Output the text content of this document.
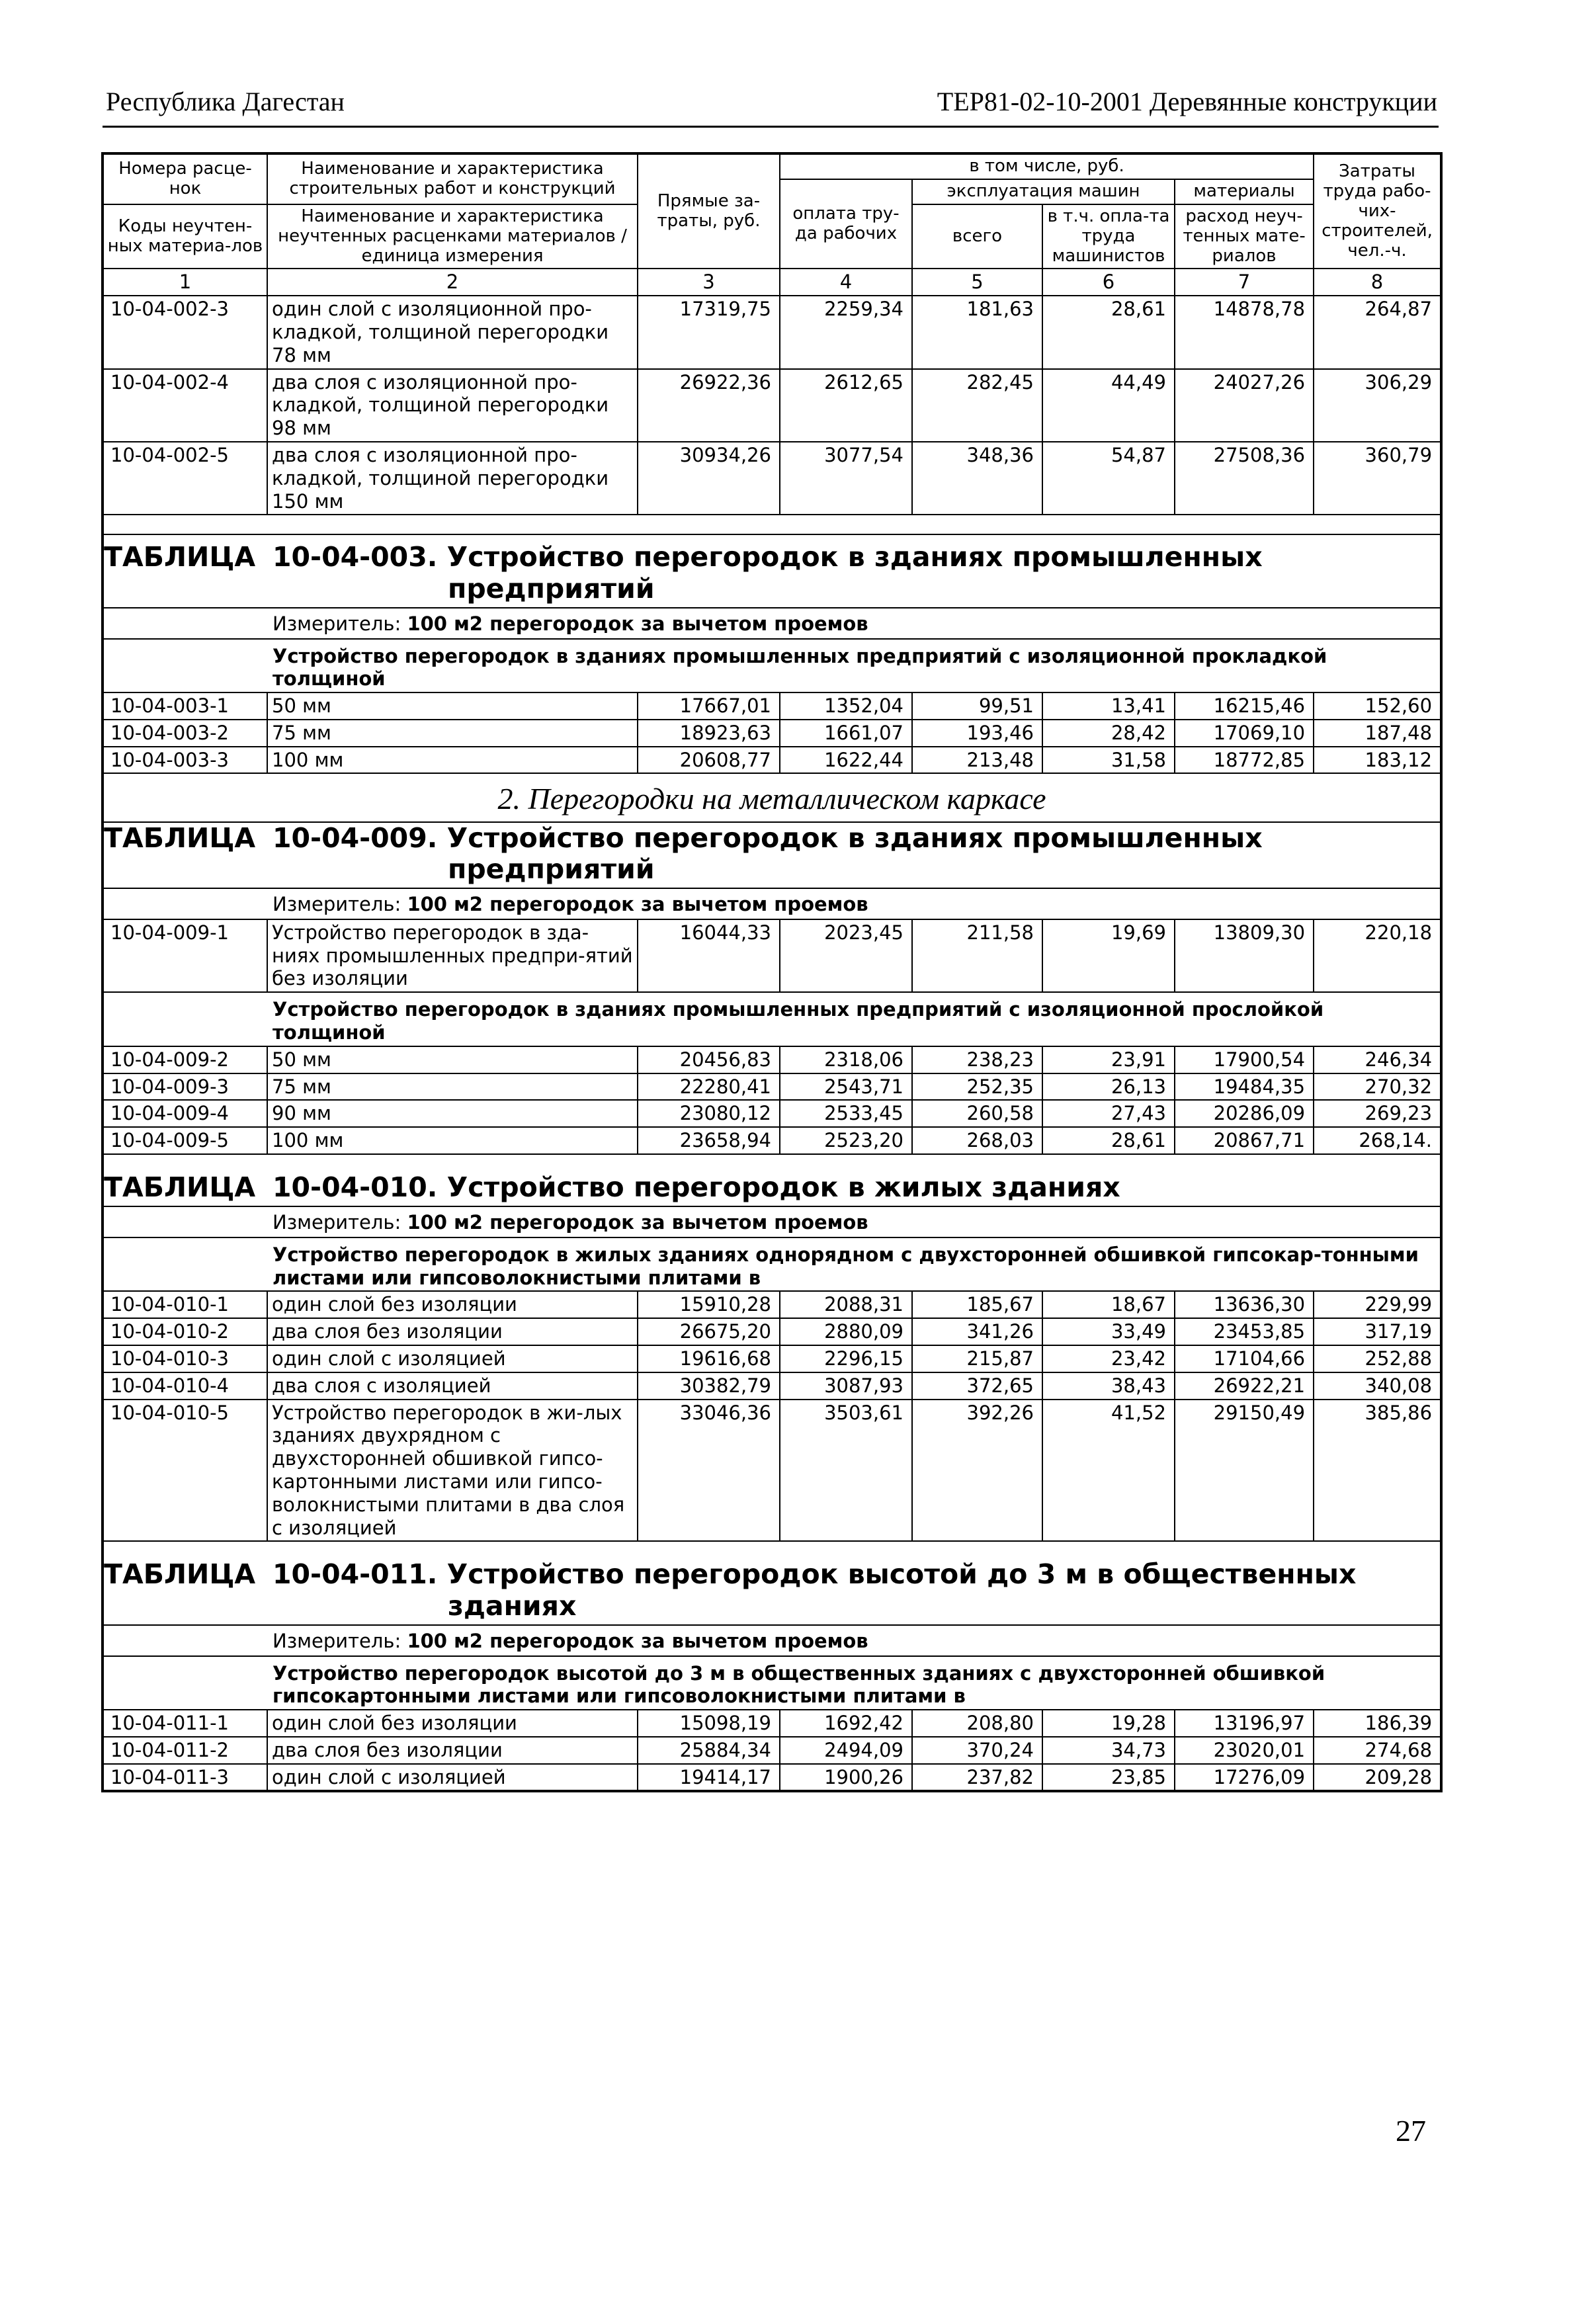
Республика Дагестан	ТЕР81-02-10-2001 Деревянные конструкции
Номера расце-нок	Наименование и характеристика строительных работ и конструкций	Прямые за-траты, руб.	в том числе, руб.				Затраты труда рабо-чих-строителей, чел.-ч.
			оплата тру-да рабочих	эксплуатация машин		материалы	
Коды неучтен-ных материа-лов	Наименование и характеристика неучтенных расценками материалов / единица измерения			всего	в т.ч. опла-та труда машинистов	расход неуч-тенных мате-риалов	

1	2	3	4	5	6	7	8
10-04-002-3	один слой с изоляционной про-кладкой, толщиной перегородки 78 мм	17319,75	2259,34	181,63	28,61	14878,78	264,87
10-04-002-4	два слоя с изоляционной про-кладкой, толщиной перегородки 98 мм	26922,36	2612,65	282,45	44,49	24027,26	306,29
10-04-002-5	два слоя с изоляционной про-кладкой, толщиной перегородки 150 мм	30934,26	3077,54	348,36	54,87	27508,36	360,79

ТАБЛИЦА 10-04-003. Устройство перегородок в зданиях промышленных
предприятий							

Измеритель: 100 м2 перегородок за вычетом проемов							
Устройство перегородок в зданиях промышленных предприятий с изоляционной прокладкой толщиной							
10-04-003-1	50 мм	17667,01	1352,04	99,51	13,41	16215,46	152,60
10-04-003-2	75 мм	18923,63	1661,07	193,46	28,42	17069,10	187,48
10-04-003-3	100 мм	20608,77	1622,44	213,48	31,58	18772,85	183,12
2. Перегородки на металлическом каркасе							
ТАБЛИЦА 10-04-009. Устройство перегородок в зданиях промышленных
предприятий							

Измеритель: 100 м2 перегородок за вычетом проемов							
10-04-009-1	Устройство перегородок в зда-ниях промышленных предпри-ятий без изоляции	16044,33	2023,45	211,58	19,69	13809,30	220,18
Устройство перегородок в зданиях промышленных предприятий с изоляционной прослойкой толщиной							
10-04-009-2	50 мм	20456,83	2318,06	238,23	23,91	17900,54	246,34
10-04-009-3	75 мм	22280,41	2543,71	252,35	26,13	19484,35	270,32
10-04-009-4	90 мм	23080,12	2533,45	260,58	27,43	20286,09	269,23
10-04-009-5	100 мм	23658,94	2523,20	268,03	28,61	20867,71	268,14.
ТАБЛИЦА 10-04-010. Устройство перегородок в жилых зданиях							
Измеритель: 100 м2 перегородок за вычетом проемов							
Устройство перегородок в жилых зданиях однорядном с двухсторонней обшивкой гипсокар-тонными листами или гипсоволокнистыми плитами в							
10-04-010-1	один слой без изоляции	15910,28	2088,31	185,67	18,67	13636,30	229,99
10-04-010-2	два слоя без изоляции	26675,20	2880,09	341,26	33,49	23453,85	317,19
10-04-010-3	один слой с изоляцией	19616,68	2296,15	215,87	23,42	17104,66	252,88
10-04-010-4	два слоя с изоляцией	30382,79	3087,93	372,65	38,43	26922,21	340,08
10-04-010-5	Устройство перегородок в жи-лых зданиях двухрядном с двухсторонней обшивкой гипсо-картонными листами или гипсо-волокнистыми плитами в два слоя с изоляцией	33046,36	3503,61	392,26	41,52	29150,49	385,86
ТАБЛИЦА 10-04-011. Устройство перегородок высотой до 3 м в общественных
зданиях							

Измеритель: 100 м2 перегородок за вычетом проемов							
Устройство перегородок высотой до 3 м в общественных зданиях с двухсторонней обшивкой гипсокартонными листами или гипсоволокнистыми плитами в							
10-04-011-1	один слой без изоляции	15098,19	1692,42	208,80	19,28	13196,97	186,39
10-04-011-2	два слоя без изоляции	25884,34	2494,09	370,24	34,73	23020,01	274,68
10-04-011-3	один слой с изоляцией	19414,17	1900,26	237,82	23,85	17276,09	209,28
27
